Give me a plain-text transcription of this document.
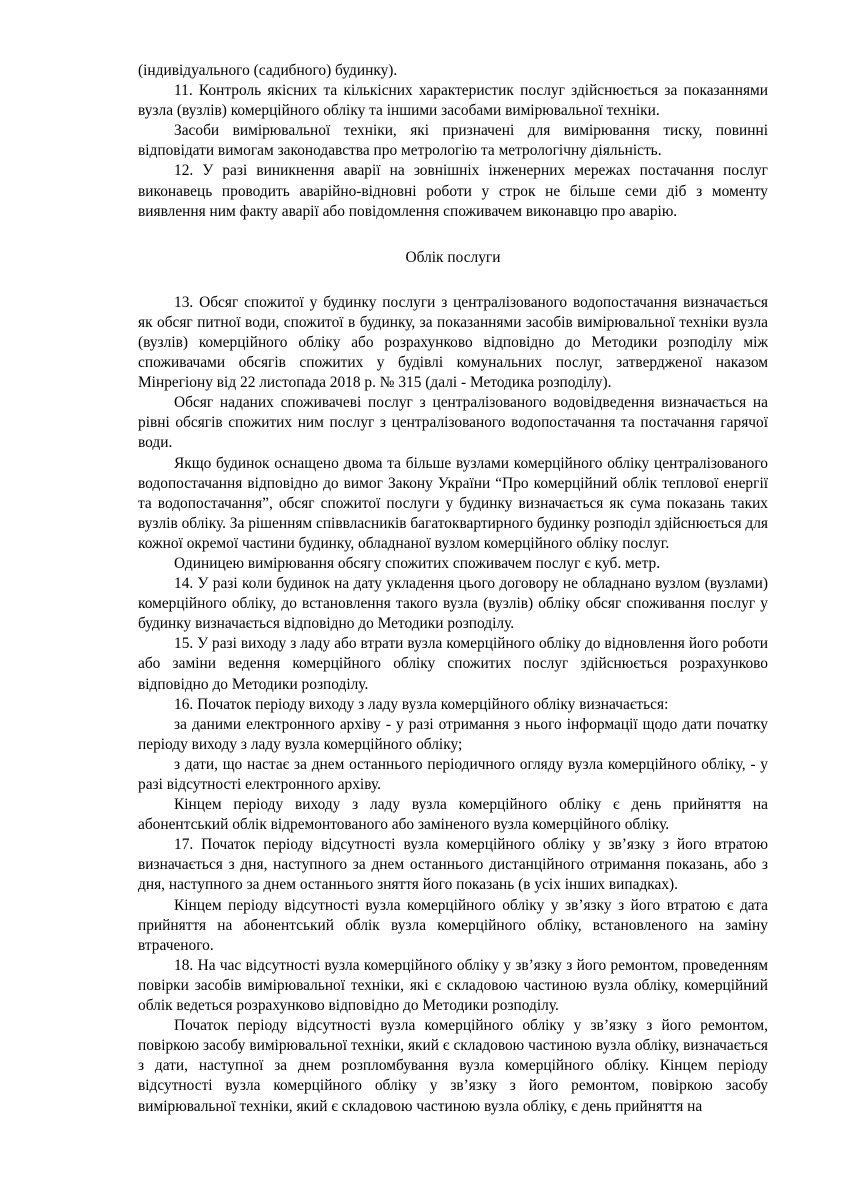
(індивідуального (садибного) будинку).

11. Контроль якісних та кількісних характеристик послуг здійснюється за показаннями вузла (вузлів) комерційного обліку та іншими засобами вимірювальної техніки.

Засоби вимірювальної техніки, які призначені для вимірювання тиску, повинні відповідати вимогам законодавства про метрологію та метрологічну діяльність.

12. У разі виникнення аварії на зовнішніх інженерних мережах постачання послуг виконавець проводить аварійно-відновні роботи у строк не більше семи діб з моменту виявлення ним факту аварії або повідомлення споживачем виконавцю про аварію.

Облік послуги

13. Обсяг спожитої у будинку послуги з централізованого водопостачання визначається як обсяг питної води, спожитої в будинку, за показаннями засобів вимірювальної техніки вузла (вузлів) комерційного обліку або розрахунково відповідно до Методики розподілу між споживачами обсягів спожитих у будівлі комунальних послуг, затвердженої наказом Мінрегіону від 22 листопада 2018 р. № 315 (далі - Методика розподілу).

Обсяг наданих споживачеві послуг з централізованого водовідведення визначається на рівні обсягів спожитих ним послуг з централізованого водопостачання та постачання гарячої води.

Якщо будинок оснащено двома та більше вузлами комерційного обліку централізованого водопостачання відповідно до вимог Закону України “Про комерційний облік теплової енергії та водопостачання”, обсяг спожитої послуги у будинку визначається як сума показань таких вузлів обліку. За рішенням співвласників багатоквартирного будинку розподіл здійснюється для кожної окремої частини будинку, обладнаної вузлом комерційного обліку послуг.

Одиницею вимірювання обсягу спожитих споживачем послуг є куб. метр.

14. У разі коли будинок на дату укладення цього договору не обладнано вузлом (вузлами) комерційного обліку, до встановлення такого вузла (вузлів) обліку обсяг споживання послуг у будинку визначається відповідно до Методики розподілу.

15. У разі виходу з ладу або втрати вузла комерційного обліку до відновлення його роботи або заміни ведення комерційного обліку спожитих послуг здійснюється розрахунково відповідно до Методики розподілу.

16. Початок періоду виходу з ладу вузла комерційного обліку визначається:

за даними електронного архіву - у разі отримання з нього інформації щодо дати початку періоду виходу з ладу вузла комерційного обліку;

з дати, що настає за днем останнього періодичного огляду вузла комерційного обліку, - у разі відсутності електронного архіву.

Кінцем періоду виходу з ладу вузла комерційного обліку є день прийняття на абонентський облік відремонтованого або заміненого вузла комерційного обліку.

17. Початок періоду відсутності вузла комерційного обліку у зв’язку з його втратою визначається з дня, наступного за днем останнього дистанційного отримання показань, або з дня, наступного за днем останнього зняття його показань (в усіх інших випадках).

Кінцем періоду відсутності вузла комерційного обліку у зв’язку з його втратою є дата прийняття на абонентський облік вузла комерційного обліку, встановленого на заміну втраченого.

18. На час відсутності вузла комерційного обліку у зв’язку з його ремонтом, проведенням повірки засобів вимірювальної техніки, які є складовою частиною вузла обліку, комерційний облік ведеться розрахунково відповідно до Методики розподілу.

Початок періоду відсутності вузла комерційного обліку у зв’язку з його ремонтом, повіркою засобу вимірювальної техніки, який є складовою частиною вузла обліку, визначається з дати, наступної за днем розпломбування вузла комерційного обліку. Кінцем періоду відсутності вузла комерційного обліку у зв’язку з його ремонтом, повіркою засобу вимірювальної техніки, який є складовою частиною вузла обліку, є день прийняття на
